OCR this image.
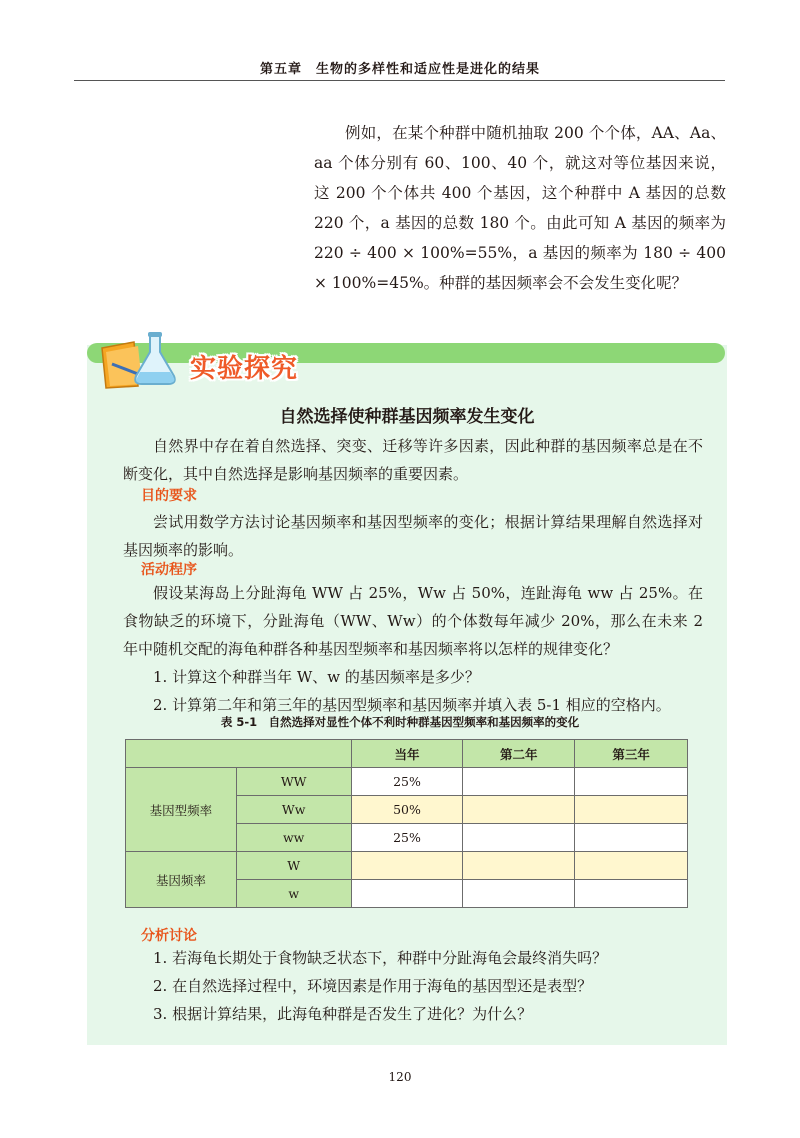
第五章　生物的多样性和适应性是进化的结果

例如，在某个种群中随机抽取 200 个个体，AA、Aa、aa 个体分别有 60、100、40 个，就这对等位基因来说，这 200 个个体共 400 个基因，这个种群中 A 基因的总数 220 个，a 基因的总数 180 个。由此可知 A 基因的频率为 220 ÷ 400 × 100%=55%，a 基因的频率为 180 ÷ 400 × 100%=45%。种群的基因频率会不会发生变化呢？

实验探究
自然选择使种群基因频率发生变化

自然界中存在着自然选择、突变、迁移等许多因素，因此种群的基因频率总是在不断变化，其中自然选择是影响基因频率的重要因素。

目的要求

尝试用数学方法讨论基因频率和基因型频率的变化；根据计算结果理解自然选择对基因频率的影响。

活动程序

假设某海岛上分趾海龟 WW 占 25%，Ww 占 50%，连趾海龟 ww 占 25%。在食物缺乏的环境下，分趾海龟（WW、Ww）的个体数每年减少 20%，那么在未来 2 年中随机交配的海龟种群各种基因型频率和基因频率将以怎样的规律变化？

1. 计算这个种群当年 W、w 的基因频率是多少？

2. 计算第二年和第三年的基因型频率和基因频率并填入表 5-1 相应的空格内。

表 5-1　自然选择对显性个体不利时种群基因型频率和基因频率的变化
		当年	第二年	第三年
基因型频率	WW	25%		
	Ww	50%		
	ww	25%		
基因频率	W			
	w			
分析讨论

1. 若海龟长期处于食物缺乏状态下，种群中分趾海龟会最终消失吗？

2. 在自然选择过程中，环境因素是作用于海龟的基因型还是表型？

3. 根据计算结果，此海龟种群是否发生了进化？为什么？

120
